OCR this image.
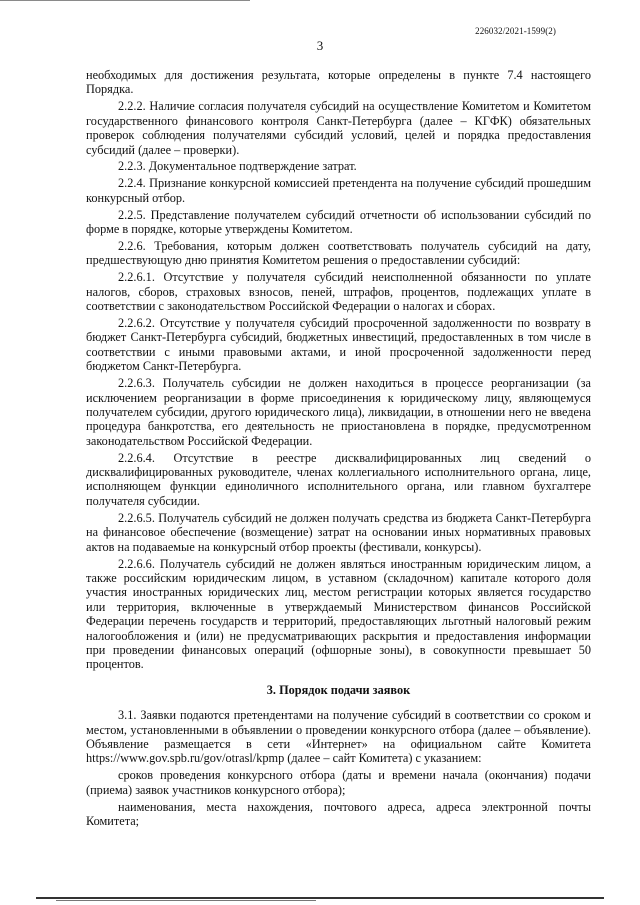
226032/2021-1599(2)
3

необходимых для достижения результата, которые определены в пункте 7.4 настоящего Порядка.

2.2.2. Наличие согласия получателя субсидий на осуществление Комитетом и Комитетом государственного финансового контроля Санкт-Петербурга (далее – КГФК) обязательных проверок соблюдения получателями субсидий условий, целей и порядка предоставления субсидий (далее – проверки).

2.2.3. Документальное подтверждение затрат.

2.2.4. Признание конкурсной комиссией претендента на получение субсидий прошедшим конкурсный отбор.

2.2.5. Представление получателем субсидий отчетности об использовании субсидий по форме в порядке, которые утверждены Комитетом.

2.2.6. Требования, которым должен соответствовать получатель субсидий на дату, предшествующую дню принятия Комитетом решения о предоставлении субсидий:

2.2.6.1. Отсутствие у получателя субсидий неисполненной обязанности по уплате налогов, сборов, страховых взносов, пеней, штрафов, процентов, подлежащих уплате в соответствии с законодательством Российской Федерации о налогах и сборах.

2.2.6.2. Отсутствие у получателя субсидий просроченной задолженности по возврату в бюджет Санкт-Петербурга субсидий, бюджетных инвестиций, предоставленных в том числе в соответствии с иными правовыми актами, и иной просроченной задолженности перед бюджетом Санкт-Петербурга.

2.2.6.3. Получатель субсидии не должен находиться в процессе реорганизации (за исключением реорганизации в форме присоединения к юридическому лицу, являющемуся получателем субсидии, другого юридического лица), ликвидации, в отношении него не введена процедура банкротства, его деятельность не приостановлена в порядке, предусмотренном законодательством Российской Федерации.

2.2.6.4. Отсутствие в реестре дисквалифицированных лиц сведений о дисквалифицированных руководителе, членах коллегиального исполнительного органа, лице, исполняющем функции единоличного исполнительного органа, или главном бухгалтере получателя субсидии.

2.2.6.5. Получатель субсидий не должен получать средства из бюджета Санкт-Петербурга на финансовое обеспечение (возмещение) затрат на основании иных нормативных правовых актов на подаваемые на конкурсный отбор проекты (фестивали, конкурсы).

2.2.6.6. Получатель субсидий не должен являться иностранным юридическим лицом, а также российским юридическим лицом, в уставном (складочном) капитале которого доля участия иностранных юридических лиц, местом регистрации которых является государство или территория, включенные в утверждаемый Министерством финансов Российской Федерации перечень государств и территорий, предоставляющих льготный налоговый режим налогообложения и (или) не предусматривающих раскрытия и предоставления информации при проведении финансовых операций (офшорные зоны), в совокупности превышает 50 процентов.

3. Порядок подачи заявок

3.1. Заявки подаются претендентами на получение субсидий в соответствии со сроком и местом, установленными в объявлении о проведении конкурсного отбора (далее – объявление). Объявление размещается в сети «Интернет» на официальном сайте Комитета https://www.gov.spb.ru/gov/otrasl/kpmp (далее – сайт Комитета) с указанием:

сроков проведения конкурсного отбора (даты и времени начала (окончания) подачи (приема) заявок участников конкурсного отбора);

наименования, места нахождения, почтового адреса, адреса электронной почты Комитета;
